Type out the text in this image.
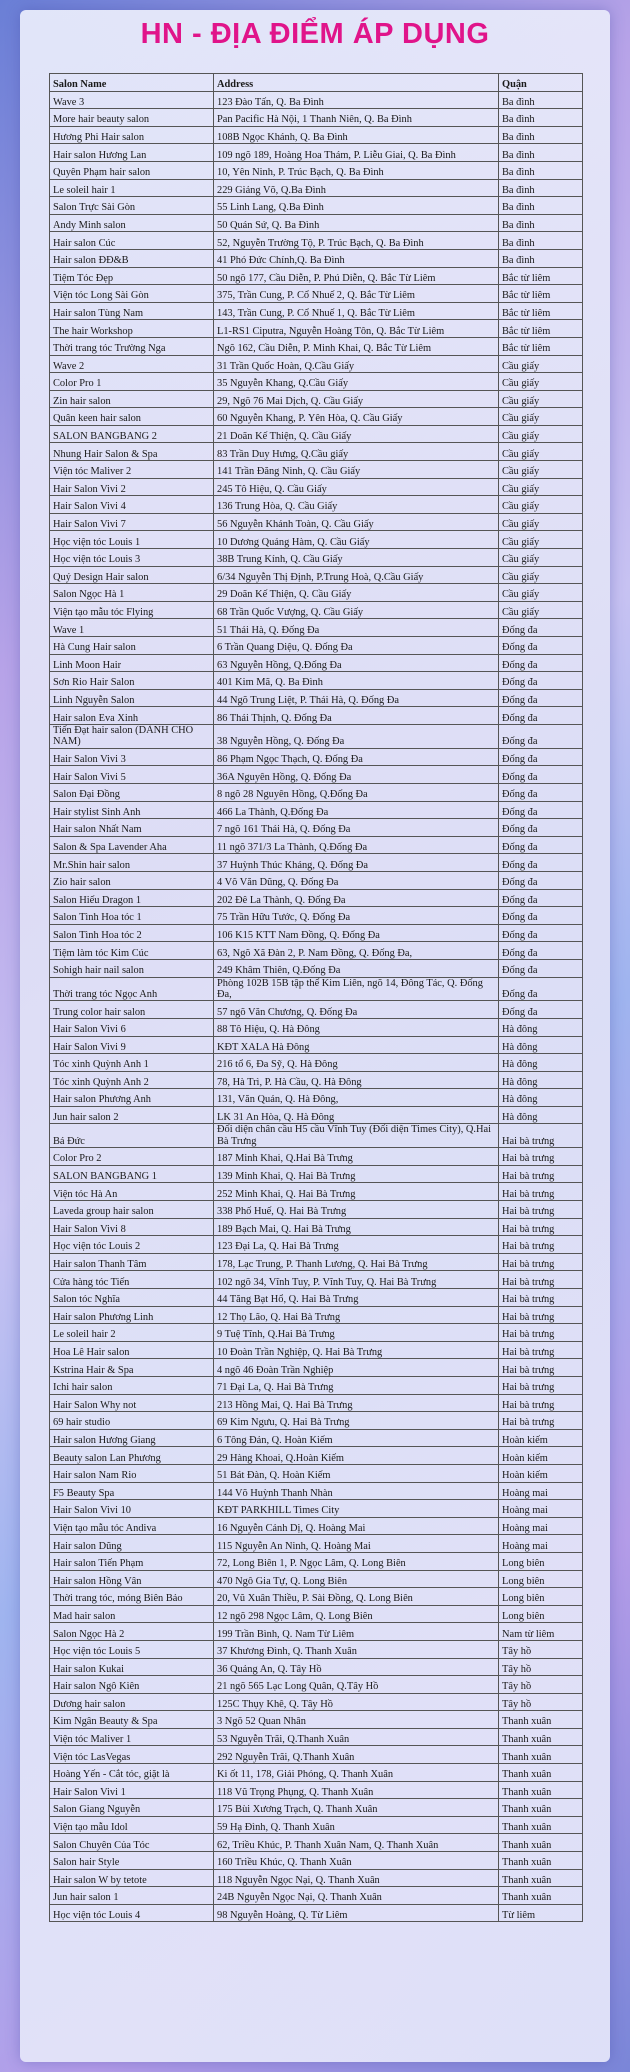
HN - ĐỊA ĐIỂM ÁP DỤNG
Salon Name	Address	Quận
Wave 3	123 Đào Tấn, Q. Ba Đình	Ba đình
More hair beauty salon	Pan Pacific Hà Nội, 1 Thanh Niên, Q. Ba Đình	Ba đình
Hương Phi Hair salon	108B Ngọc Khánh, Q. Ba Đình	Ba đình
Hair salon Hương Lan	109 ngõ 189, Hoàng Hoa Thám, P. Liễu Giai, Q. Ba Đình	Ba đình
Quyên Phạm hair salon	10, Yên Ninh, P. Trúc Bạch, Q. Ba Đình	Ba đình
Le soleil hair 1	229 Giảng Võ, Q.Ba Đình	Ba đình
Salon Trực Sài Gòn	55 Linh Lang, Q.Ba Đình	Ba đình
Andy Minh salon	50 Quán Sứ, Q. Ba Đình	Ba đình
Hair salon Cúc	52, Nguyễn Trường Tộ, P. Trúc Bạch, Q. Ba Đình	Ba đình
Hair salon ĐĐ&B	41 Phó Đức Chính,Q. Ba Đình	Ba đình
Tiệm Tóc Đẹp	50 ngõ 177, Cầu Diễn, P. Phú Diễn, Q. Bắc Từ Liêm	Bắc từ liêm
Viện tóc Long Sài Gòn	375, Trần Cung, P. Cổ Nhuế 2, Q. Bắc Từ Liêm	Bắc từ liêm
Hair salon Tùng Nam	143, Trần Cung, P. Cổ Nhuế 1, Q. Bắc Từ Liêm	Bắc từ liêm
The hair Workshop	L1-RS1 Ciputra, Nguyễn Hoàng Tôn, Q. Bắc Từ Liêm	Bắc từ liêm
Thời trang tóc Trường Nga	Ngõ 162, Cầu Diễn, P. Minh Khai, Q. Bắc Từ Liêm	Bắc từ liêm
Wave 2	31 Trần Quốc Hoàn, Q.Cầu Giấy	Cầu giấy
Color Pro 1	35 Nguyễn Khang, Q.Cầu Giấy	Cầu giấy
Zin hair salon	29, Ngõ 76 Mai Dịch, Q. Cầu Giấy	Cầu giấy
Quân keen hair salon	60 Nguyễn Khang, P. Yên Hòa, Q. Cầu Giấy	Cầu giấy
SALON BANGBANG 2	21 Doãn Kế Thiện, Q. Cầu Giấy	Cầu giấy
Nhung Hair Salon & Spa	83 Trần Duy Hưng, Q.Cầu giấy	Cầu giấy
Viện tóc Maliver 2	141 Trần Đăng Ninh, Q. Cầu Giấy	Cầu giấy
Hair Salon Vivi 2	245 Tô Hiệu, Q. Cầu Giấy	Cầu giấy
Hair Salon Vivi 4	136 Trung Hòa, Q. Cầu Giấy	Cầu giấy
Hair Salon Vivi 7	56 Nguyễn Khánh Toàn, Q. Cầu Giấy	Cầu giấy
Học viện tóc Louis 1	10 Dương Quảng Hàm, Q. Cầu Giấy	Cầu giấy
Học viện tóc Louis 3	38B Trung Kính, Q. Cầu Giấy	Cầu giấy
Quý Design Hair salon	6/34 Nguyễn Thị Định, P.Trung Hoà, Q.Cầu Giấy	Cầu giấy
Salon Ngọc Hà 1	29 Doãn Kế Thiện, Q. Cầu Giấy	Cầu giấy
Viện tạo mẫu tóc Flying	68 Trần Quốc Vượng, Q. Cầu Giấy	Cầu giấy
Wave 1	51 Thái Hà, Q. Đống Đa	Đống đa
Hà Cung Hair salon	6 Trần Quang Diệu, Q. Đống Đa	Đống đa
Linh Moon Hair	63 Nguyễn Hồng, Q.Đống Đa	Đống đa
Sơn Rio Hair Salon	401 Kim Mã, Q. Ba Đình	Đống đa
Linh Nguyễn Salon	44 Ngõ Trung Liệt, P. Thái Hà, Q. Đống Đa	Đống đa
Hair salon Eva Xinh	86 Thái Thịnh, Q. Đống Đa	Đống đa
Tiến Đạt hair salon (DÀNH CHO NAM)	38 Nguyễn Hồng, Q. Đống Đa	Đống đa
Hair Salon Vivi 3	86 Phạm Ngọc Thạch, Q. Đống Đa	Đống đa
Hair Salon Vivi 5	36A Nguyên Hồng, Q. Đống Đa	Đống đa
Salon Đại Đồng	8 ngõ 28 Nguyên Hồng, Q.Đống Đa	Đống đa
Hair stylist Sinh Anh	466 La Thành, Q.Đống Đa	Đống đa
Hair salon Nhất Nam	7 ngõ 161 Thái Hà, Q. Đống Đa	Đống đa
Salon & Spa Lavender Aha	11 ngõ 371/3 La Thành, Q.Đống Đa	Đống đa
Mr.Shin hair salon	37 Huỳnh Thúc Kháng, Q. Đống Đa	Đống đa
Zio hair salon	4 Võ Văn Dũng, Q. Đống Đa	Đống đa
Salon Hiếu Dragon 1	202 Đê La Thành, Q. Đống Đa	Đống đa
Salon Tình Hoa tóc 1	75 Trần Hữu Tước, Q. Đống Đa	Đống đa
Salon Tình Hoa tóc 2	106 K15 KTT Nam Đồng, Q. Đống Đa	Đống đa
Tiệm làm tóc Kim Cúc	63, Ngõ Xã Đàn 2, P. Nam Đồng, Q. Đống Đa,	Đống đa
Sohigh hair nail salon	249 Khâm Thiên, Q.Đống Đa	Đống đa
Thời trang tóc Ngọc Anh	Phòng 102B 15B tập thể Kim Liên, ngõ 14, Đông Tác, Q. Đống Đa,	Đống đa
Trung color hair salon	57 ngõ Văn Chương, Q. Đống Đa	Đống đa
Hair Salon Vivi 6	88 Tô Hiệu, Q. Hà Đông	Hà đông
Hair Salon Vivi 9	KĐT XALA Hà Đông	Hà đông
Tóc xinh Quỳnh Anh 1	216 tổ 6, Đa Sỹ, Q. Hà Đông	Hà đông
Tóc xinh Quỳnh Anh 2	78, Hà Trì, P. Hà Cầu, Q. Hà Đông	Hà đông
Hair salon Phương Anh	131, Văn Quán, Q. Hà Đông,	Hà đông
Jun hair salon 2	LK 31 An Hòa, Q. Hà Đông	Hà đông
Bá Đức	Đối diện chân cầu H5 cầu Vĩnh Tuy (Đối diện Times City), Q.Hai Bà Trưng	Hai bà trưng
Color Pro 2	187 Minh Khai, Q.Hai Bà Trưng	Hai bà trưng
SALON BANGBANG 1	139 Minh Khai, Q. Hai Bà Trưng	Hai bà trưng
Viện tóc Hà An	252 Minh Khai, Q. Hai Bà Trưng	Hai bà trưng
Laveda group hair salon	338 Phố Huế, Q. Hai Bà Trưng	Hai bà trưng
Hair Salon Vivi 8	189 Bạch Mai, Q. Hai Bà Trưng	Hai bà trưng
Học viện tóc Louis 2	123 Đại La, Q. Hai Bà Trưng	Hai bà trưng
Hair salon Thanh Tâm	178, Lạc Trung, P. Thanh Lương, Q. Hai Bà Trưng	Hai bà trưng
Cửa hàng tóc Tiến	102 ngõ 34, Vĩnh Tuy, P. Vĩnh Tuy, Q. Hai Bà Trưng	Hai bà trưng
Salon tóc Nghĩa	44 Tăng Bạt Hổ, Q. Hai Bà Trưng	Hai bà trưng
Hair salon Phương Linh	12 Thọ Lão, Q. Hai Bà Trưng	Hai bà trưng
Le soleil hair 2	9 Tuệ Tĩnh, Q.Hai Bà Trưng	Hai bà trưng
Hoa Lê Hair salon	10 Đoàn Trần Nghiệp, Q. Hai Bà Trưng	Hai bà trưng
Kstrina Hair & Spa	4 ngõ 46 Đoàn Trần Nghiệp	Hai bà trưng
Ichi hair salon	71 Đại La, Q. Hai Bà Trưng	Hai bà trưng
Hair Salon Why not	213 Hồng Mai, Q. Hai Bà Trưng	Hai bà trưng
69 hair studio	69 Kim Ngưu, Q. Hai Bà Trưng	Hai bà trưng
Hair salon Hương Giang	6 Tông Đản, Q. Hoàn Kiếm	Hoàn kiếm
Beauty salon Lan Phương	29 Hàng Khoai, Q.Hoàn Kiếm	Hoàn kiếm
Hair salon Nam Rio	51 Bát Đàn, Q. Hoàn Kiếm	Hoàn kiếm
F5 Beauty Spa	144 Võ Huỳnh Thanh Nhàn	Hoàng mai
Hair Salon Vivi 10	KĐT PARKHILL Times City	Hoàng mai
Viện tạo mẫu tóc Andiva	16 Nguyễn Cảnh Dị, Q. Hoàng Mai	Hoàng mai
Hair salon Dũng	115 Nguyễn An Ninh, Q. Hoàng Mai	Hoàng mai
Hair salon Tiến Phạm	72, Long Biên 1, P. Ngọc Lâm, Q. Long Biên	Long biên
Hair salon Hồng Vân	470 Ngô Gia Tự, Q. Long Biên	Long biên
Thời trang tóc, móng Biên Bảo	20, Vũ Xuân Thiều, P. Sài Đồng, Q. Long Biên	Long biên
Mad hair salon	12 ngõ 298 Ngọc Lâm, Q. Long Biên	Long biên
Salon Ngọc Hà 2	199 Trần Bình, Q. Nam Từ Liêm	Nam từ liêm
Học viện tóc Louis 5	37 Khương Đình, Q. Thanh Xuân	Tây hồ
Hair salon Kukai	36 Quảng An, Q. Tây Hồ	Tây hồ
Hair salon Ngô Kiên	21 ngõ 565 Lạc Long Quân, Q.Tây Hồ	Tây hồ
Dương hair salon	125C Thụy Khê, Q. Tây Hồ	Tây hồ
Kim Ngân Beauty & Spa	3 Ngõ 52 Quan Nhân	Thanh xuân
Viện tóc Maliver 1	53 Nguyễn Trãi, Q.Thanh Xuân	Thanh xuân
Viện tóc LasVegas	292 Nguyễn Trãi, Q.Thanh Xuân	Thanh xuân
Hoàng Yến - Cắt tóc, giặt là	Ki ốt 11, 178, Giải Phóng, Q. Thanh Xuân	Thanh xuân
Hair Salon Vivi 1	118 Vũ Trọng Phụng, Q. Thanh Xuân	Thanh xuân
Salon Giang Nguyễn	175 Bùi Xương Trạch, Q. Thanh Xuân	Thanh xuân
Viện tạo mẫu Idol	59 Hạ Đình, Q. Thanh Xuân	Thanh xuân
Salon Chuyên Của Tóc	62, Triều Khúc, P. Thanh Xuân Nam, Q. Thanh Xuân	Thanh xuân
Salon hair Style	160 Triều Khúc, Q. Thanh Xuân	Thanh xuân
Hair salon W by tetote	118 Nguyễn Ngọc Nại, Q. Thanh Xuân	Thanh xuân
Jun hair salon 1	24B Nguyễn Ngọc Nại, Q. Thanh Xuân	Thanh xuân
Học viện tóc Louis 4	98 Nguyễn Hoàng, Q. Từ Liêm	Từ liêm
